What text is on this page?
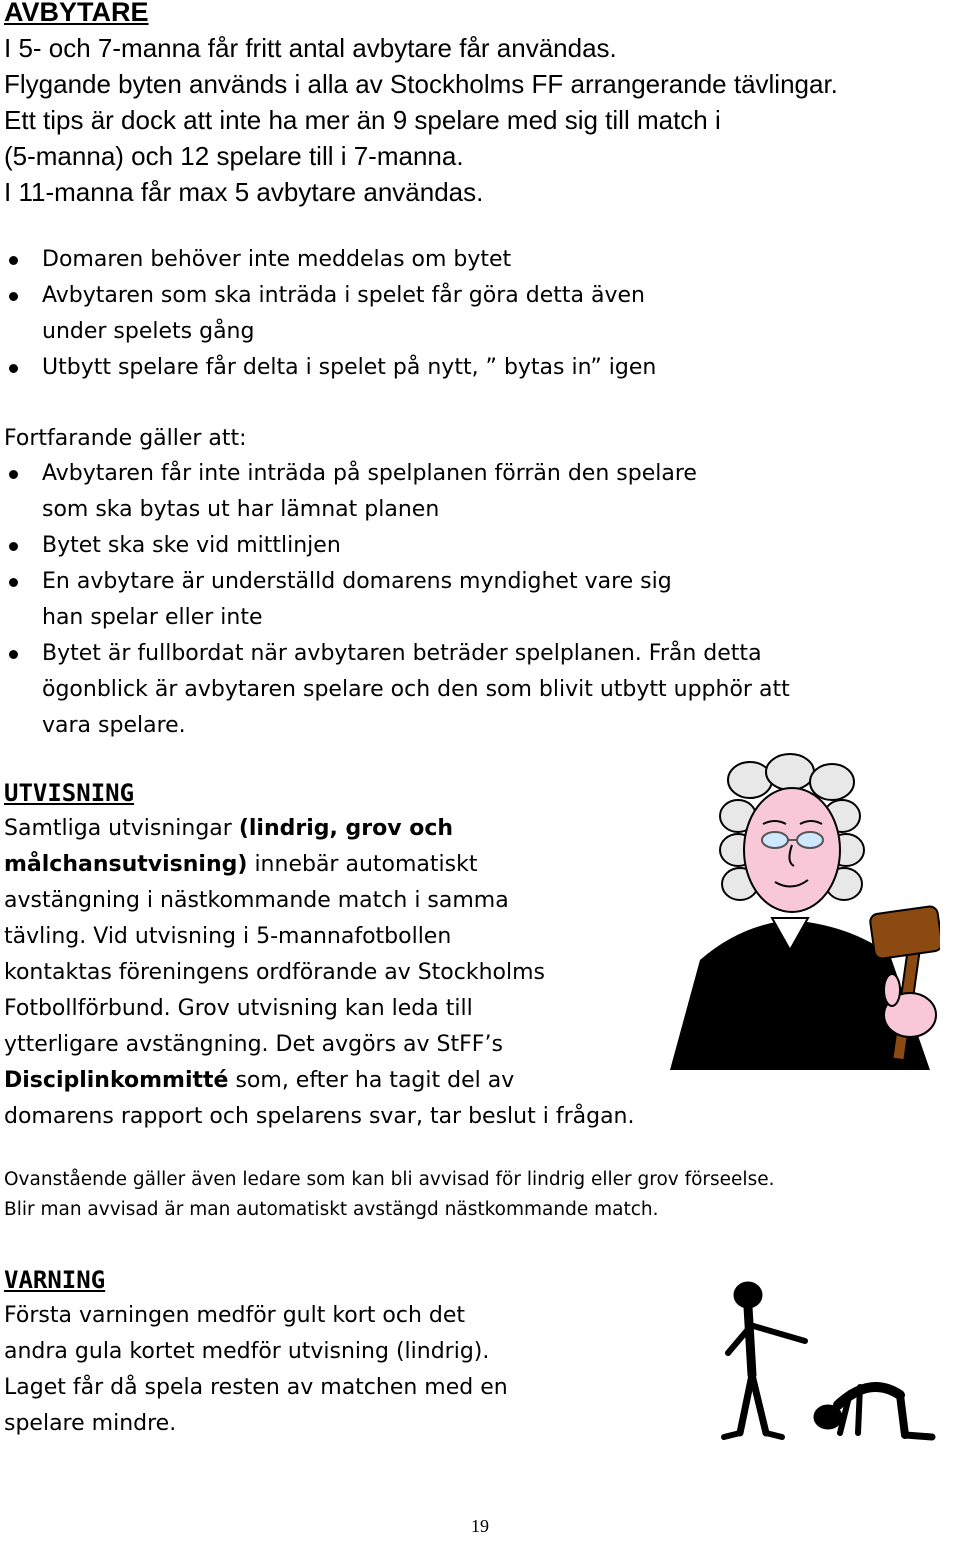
AVBYTARE
I 5- och 7-manna får fritt antal avbytare får användas.
Flygande byten används i alla av Stockholms FF arrangerande tävlingar.
Ett tips är dock att inte ha mer än 9 spelare med sig till match i
(5-manna) och 12 spelare till i 7-manna.
I 11-manna får max 5 avbytare användas.
Domaren behöver inte meddelas om bytet
Avbytaren som ska inträda i spelet får göra detta även
under spelets gång
Utbytt spelare får delta i spelet på nytt, ” bytas in” igen
Fortfarande gäller att:
Avbytaren får inte inträda på spelplanen förrän den spelare
som ska bytas ut har lämnat planen
Bytet ska ske vid mittlinjen
En avbytare är underställd domarens myndighet vare sig
han spelar eller inte
Bytet är fullbordat när avbytaren beträder spelplanen. Från detta
ögonblick är avbytaren spelare och den som blivit utbytt upphör att
vara spelare.
UTVISNING
Samtliga utvisningar (lindrig, grov och
målchansutvisning) innebär automatiskt
avstängning i nästkommande match i samma
tävling. Vid utvisning i 5-mannafotbollen
kontaktas föreningens ordförande av Stockholms
Fotbollförbund. Grov utvisning kan leda till
ytterligare avstängning. Det avgörs av StFF’s
Disciplinkommitté som, efter ha tagit del av
domarens rapport och spelarens svar, tar beslut i frågan.
Ovanstående gäller även ledare som kan bli avvisad för lindrig eller grov förseelse.
Blir man avvisad är man automatiskt avstängd nästkommande match.
VARNING
Första varningen medför gult kort och det
andra gula kortet medför utvisning (lindrig).
Laget får då spela resten av matchen med en
spelare mindre.
19
